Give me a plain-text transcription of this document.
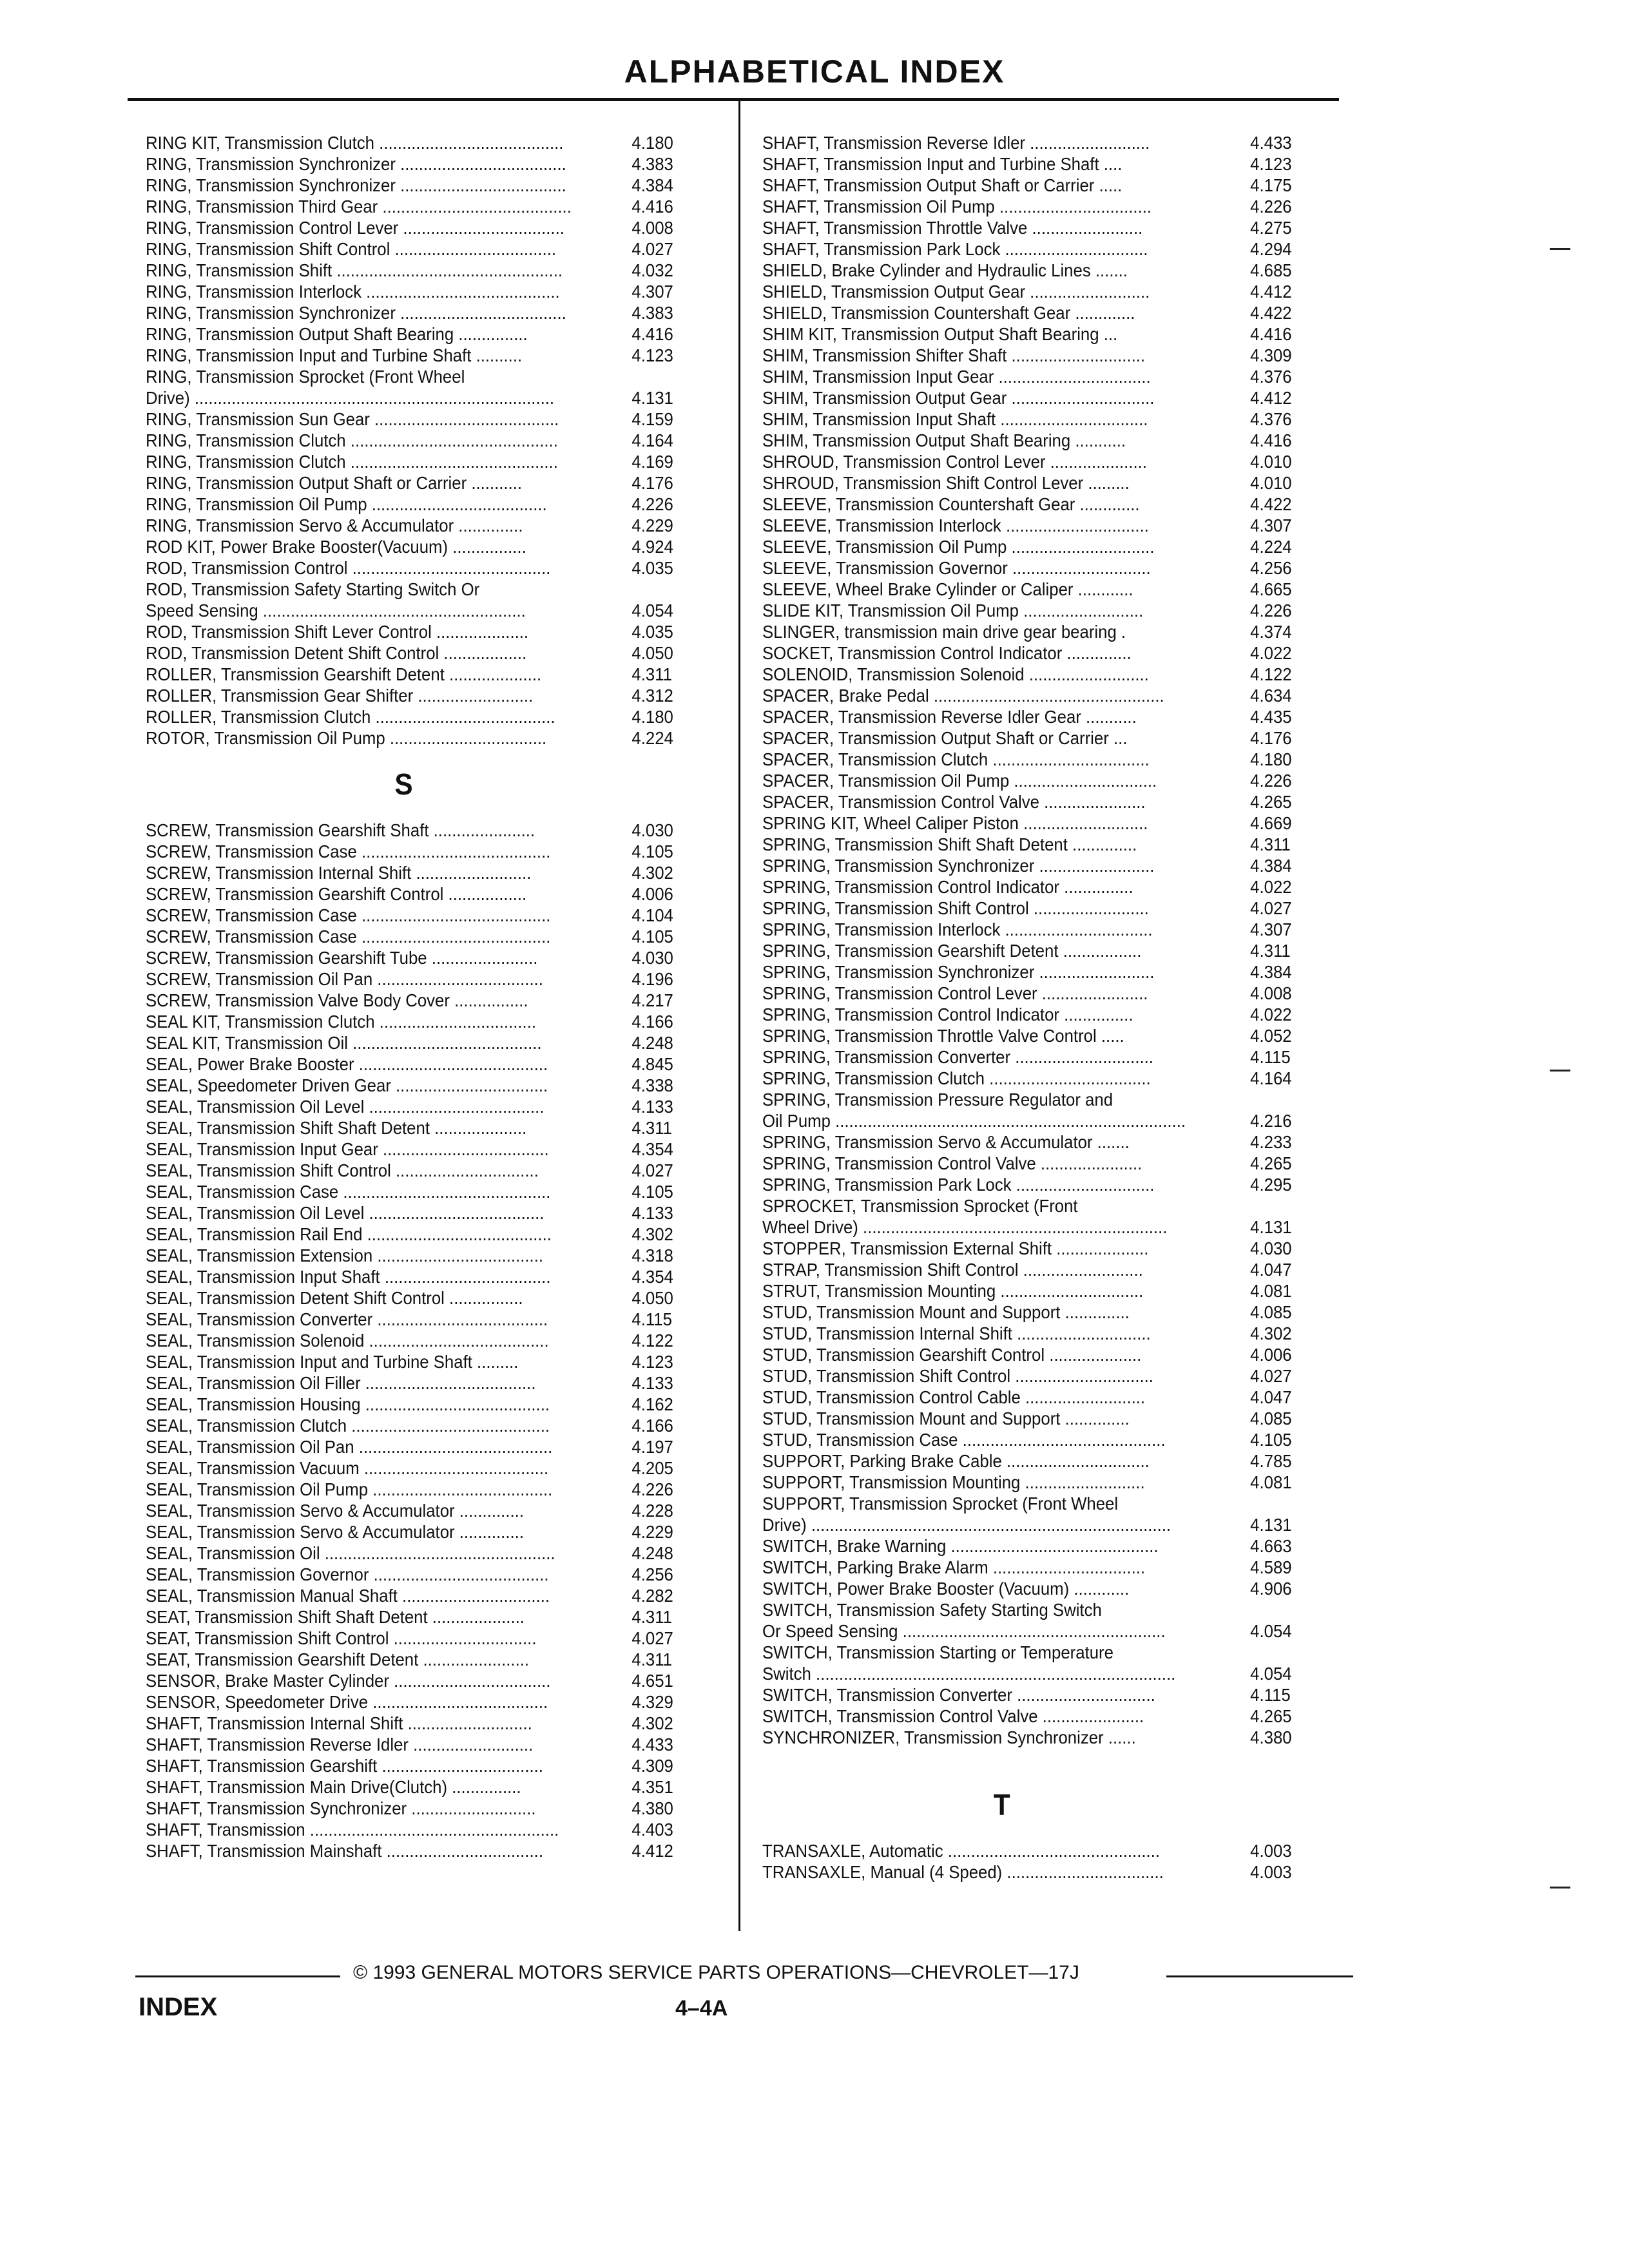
ALPHABETICAL INDEX
RING KIT, Transmission Clutch ........................................	4.180
RING, Transmission Synchronizer ....................................	4.383
RING, Transmission Synchronizer ....................................	4.384
RING, Transmission Third Gear .........................................	4.416
RING, Transmission Control Lever ...................................	4.008
RING, Transmission Shift Control ...................................	4.027
RING, Transmission Shift .................................................	4.032
RING, Transmission Interlock ..........................................	4.307
RING, Transmission Synchronizer ....................................	4.383
RING, Transmission Output Shaft Bearing ...............	4.416
RING, Transmission Input and Turbine Shaft ..........	4.123
RING, Transmission Sprocket (Front Wheel
Drive) ..............................................................................	4.131
RING, Transmission Sun Gear ........................................	4.159
RING, Transmission Clutch .............................................	4.164
RING, Transmission Clutch .............................................	4.169
RING, Transmission Output Shaft or Carrier ...........	4.176
RING, Transmission Oil Pump ......................................	4.226
RING, Transmission Servo & Accumulator ..............	4.229
ROD KIT, Power Brake Booster(Vacuum) ................	4.924
ROD, Transmission Control ...........................................	4.035
ROD, Transmission Safety Starting Switch Or
Speed Sensing .........................................................	4.054
ROD, Transmission Shift Lever Control ....................	4.035
ROD, Transmission Detent Shift Control ..................	4.050
ROLLER, Transmission Gearshift Detent ....................	4.311
ROLLER, Transmission Gear Shifter .........................	4.312
ROLLER, Transmission Clutch .......................................	4.180
ROTOR, Transmission Oil Pump ..................................	4.224
S
SCREW, Transmission Gearshift Shaft ......................	4.030
SCREW, Transmission Case .........................................	4.105
SCREW, Transmission Internal Shift .........................	4.302
SCREW, Transmission Gearshift Control .................	4.006
SCREW, Transmission Case .........................................	4.104
SCREW, Transmission Case .........................................	4.105
SCREW, Transmission Gearshift Tube .......................	4.030
SCREW, Transmission Oil Pan ....................................	4.196
SCREW, Transmission Valve Body Cover ................	4.217
SEAL KIT, Transmission Clutch ..................................	4.166
SEAL KIT, Transmission Oil .........................................	4.248
SEAL, Power Brake Booster .........................................	4.845
SEAL, Speedometer Driven Gear .................................	4.338
SEAL, Transmission Oil Level ......................................	4.133
SEAL, Transmission Shift Shaft Detent ....................	4.311
SEAL, Transmission Input Gear ....................................	4.354
SEAL, Transmission Shift Control ...............................	4.027
SEAL, Transmission Case .............................................	4.105
SEAL, Transmission Oil Level ......................................	4.133
SEAL, Transmission Rail End ........................................	4.302
SEAL, Transmission Extension ....................................	4.318
SEAL, Transmission Input Shaft ....................................	4.354
SEAL, Transmission Detent Shift Control ................	4.050
SEAL, Transmission Converter .....................................	4.115
SEAL, Transmission Solenoid .......................................	4.122
SEAL, Transmission Input and Turbine Shaft .........	4.123
SEAL, Transmission Oil Filler .....................................	4.133
SEAL, Transmission Housing ........................................	4.162
SEAL, Transmission Clutch ...........................................	4.166
SEAL, Transmission Oil Pan ..........................................	4.197
SEAL, Transmission Vacuum ........................................	4.205
SEAL, Transmission Oil Pump .......................................	4.226
SEAL, Transmission Servo & Accumulator ..............	4.228
SEAL, Transmission Servo & Accumulator ..............	4.229
SEAL, Transmission Oil ..................................................	4.248
SEAL, Transmission Governor ......................................	4.256
SEAL, Transmission Manual Shaft ................................	4.282
SEAT, Transmission Shift Shaft Detent ....................	4.311
SEAT, Transmission Shift Control ...............................	4.027
SEAT, Transmission Gearshift Detent .......................	4.311
SENSOR, Brake Master Cylinder ..................................	4.651
SENSOR, Speedometer Drive ......................................	4.329
SHAFT, Transmission Internal Shift ...........................	4.302
SHAFT, Transmission Reverse Idler ..........................	4.433
SHAFT, Transmission Gearshift ...................................	4.309
SHAFT, Transmission Main Drive(Clutch) ...............	4.351
SHAFT, Transmission Synchronizer ...........................	4.380
SHAFT, Transmission ......................................................	4.403
SHAFT, Transmission Mainshaft ..................................	4.412
SHAFT, Transmission Reverse Idler ..........................	4.433
SHAFT, Transmission Input and Turbine Shaft ....	4.123
SHAFT, Transmission Output Shaft or Carrier .....	4.175
SHAFT, Transmission Oil Pump .................................	4.226
SHAFT, Transmission Throttle Valve ........................	4.275
SHAFT, Transmission Park Lock ...............................	4.294
SHIELD, Brake Cylinder and Hydraulic Lines .......	4.685
SHIELD, Transmission Output Gear ..........................	4.412
SHIELD, Transmission Countershaft Gear .............	4.422
SHIM KIT, Transmission Output Shaft Bearing ...	4.416
SHIM, Transmission Shifter Shaft .............................	4.309
SHIM, Transmission Input Gear .................................	4.376
SHIM, Transmission Output Gear ...............................	4.412
SHIM, Transmission Input Shaft ................................	4.376
SHIM, Transmission Output Shaft Bearing ...........	4.416
SHROUD, Transmission Control Lever .....................	4.010
SHROUD, Transmission Shift Control Lever .........	4.010
SLEEVE, Transmission Countershaft Gear .............	4.422
SLEEVE, Transmission Interlock ...............................	4.307
SLEEVE, Transmission Oil Pump ...............................	4.224
SLEEVE, Transmission Governor ..............................	4.256
SLEEVE, Wheel Brake Cylinder or Caliper ............	4.665
SLIDE KIT, Transmission Oil Pump ..........................	4.226
SLINGER, transmission main drive gear bearing .	4.374
SOCKET, Transmission Control Indicator ..............	4.022
SOLENOID, Transmission Solenoid ..........................	4.122
SPACER, Brake Pedal ..................................................	4.634
SPACER, Transmission Reverse Idler Gear ...........	4.435
SPACER, Transmission Output Shaft or Carrier ...	4.176
SPACER, Transmission Clutch ..................................	4.180
SPACER, Transmission Oil Pump ...............................	4.226
SPACER, Transmission Control Valve ......................	4.265
SPRING KIT, Wheel Caliper Piston ...........................	4.669
SPRING, Transmission Shift Shaft Detent ..............	4.311
SPRING, Transmission Synchronizer .........................	4.384
SPRING, Transmission Control Indicator ...............	4.022
SPRING, Transmission Shift Control .........................	4.027
SPRING, Transmission Interlock ................................	4.307
SPRING, Transmission Gearshift Detent .................	4.311
SPRING, Transmission Synchronizer .........................	4.384
SPRING, Transmission Control Lever .......................	4.008
SPRING, Transmission Control Indicator ...............	4.022
SPRING, Transmission Throttle Valve Control .....	4.052
SPRING, Transmission Converter ..............................	4.115
SPRING, Transmission Clutch ...................................	4.164
SPRING, Transmission Pressure Regulator and
Oil Pump ............................................................................	4.216
SPRING, Transmission Servo & Accumulator .......	4.233
SPRING, Transmission Control Valve ......................	4.265
SPRING, Transmission Park Lock ..............................	4.295
SPROCKET, Transmission Sprocket (Front
Wheel Drive) ..................................................................	4.131
STOPPER, Transmission External Shift ....................	4.030
STRAP, Transmission Shift Control ..........................	4.047
STRUT, Transmission Mounting ...............................	4.081
STUD, Transmission Mount and Support ..............	4.085
STUD, Transmission Internal Shift .............................	4.302
STUD, Transmission Gearshift Control ....................	4.006
STUD, Transmission Shift Control ..............................	4.027
STUD, Transmission Control Cable ..........................	4.047
STUD, Transmission Mount and Support ..............	4.085
STUD, Transmission Case ............................................	4.105
SUPPORT, Parking Brake Cable ...............................	4.785
SUPPORT, Transmission Mounting ..........................	4.081
SUPPORT, Transmission Sprocket (Front Wheel
Drive) ..............................................................................	4.131
SWITCH, Brake Warning .............................................	4.663
SWITCH, Parking Brake Alarm .................................	4.589
SWITCH, Power Brake Booster (Vacuum) ............	4.906
SWITCH, Transmission Safety Starting Switch
Or Speed Sensing .........................................................	4.054
SWITCH, Transmission Starting or Temperature
Switch ..............................................................................	4.054
SWITCH, Transmission Converter ..............................	4.115
SWITCH, Transmission Control Valve ......................	4.265
SYNCHRONIZER, Transmission Synchronizer ......	4.380
T
TRANSAXLE, Automatic ..............................................	4.003
TRANSAXLE, Manual (4 Speed) ..................................	4.003
© 1993 GENERAL MOTORS SERVICE PARTS OPERATIONS—CHEVROLET—17J
INDEX	4–4A
